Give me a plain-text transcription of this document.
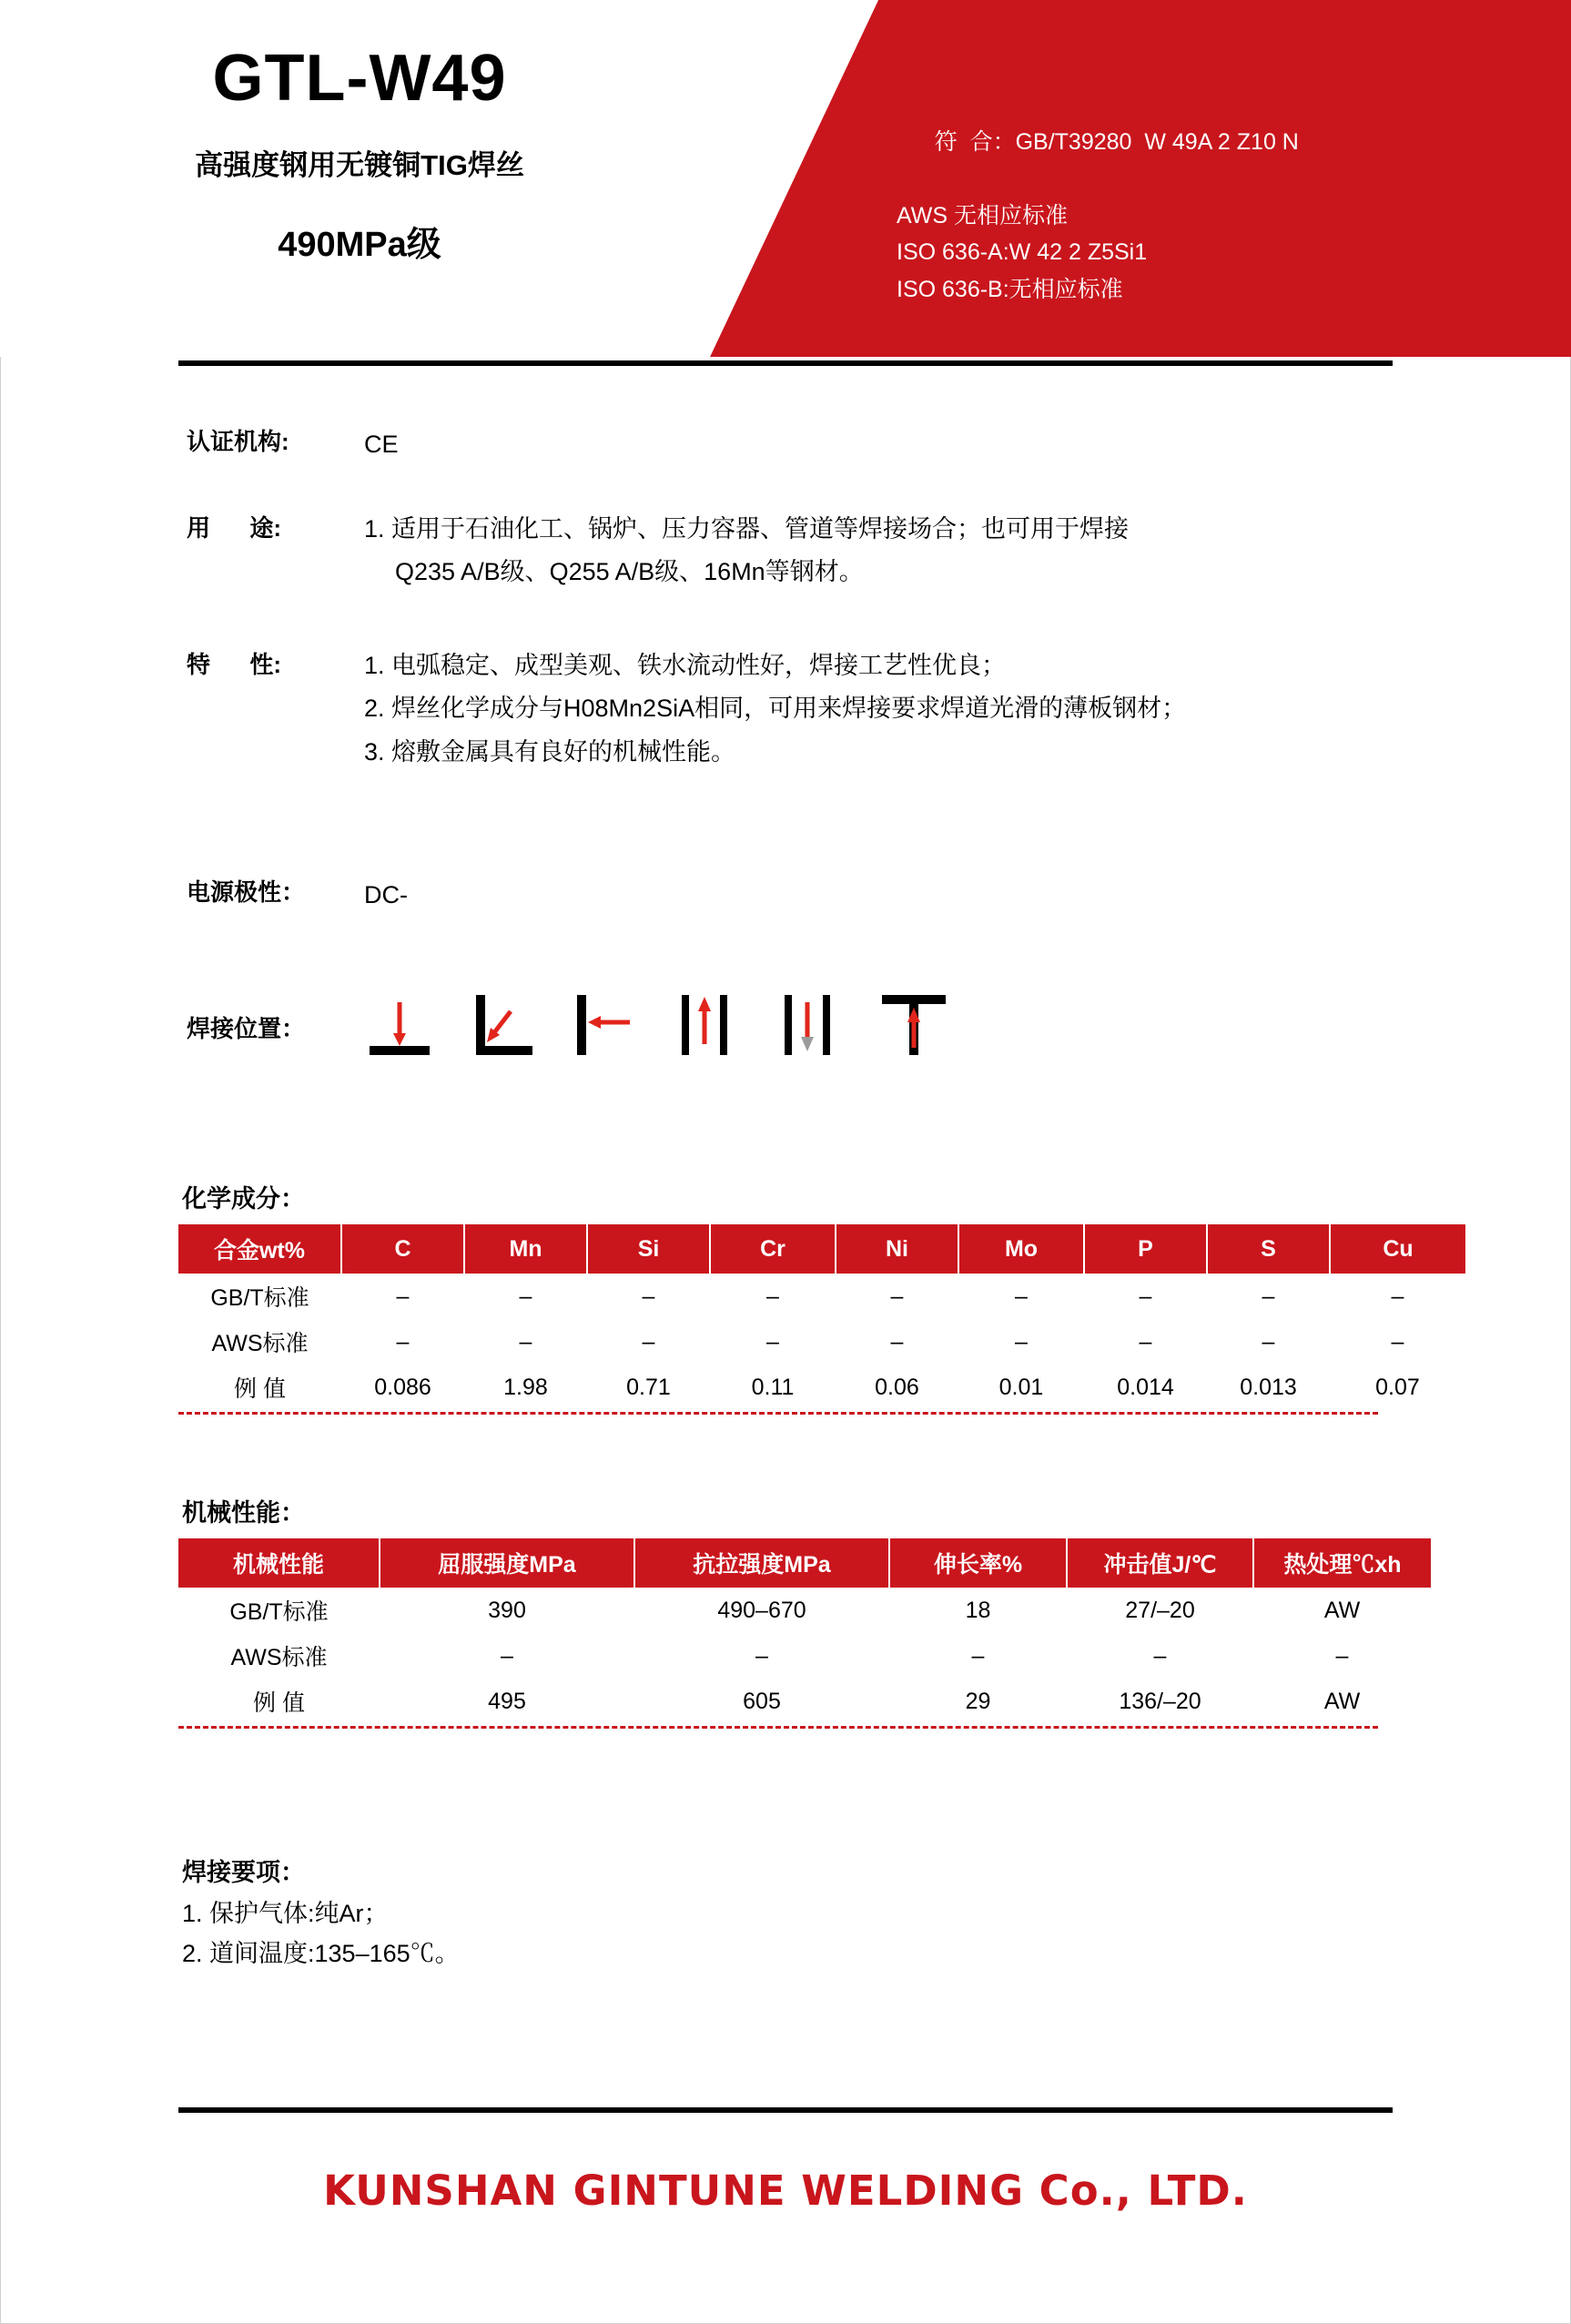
GTL-W49
高强度钢用无镀铜TIG焊丝
490MPa级

符  合：GB/T39280  W 49A 2 Z10 N

AWS 无相应标准
ISO 636-A:W 42 2 Z5Si1
ISO 636-B:无相应标准
认证机构:	CE
用      途:	1. 适用于石油化工、锅炉、压力容器、管道等焊接场合；也可用于焊接
Q235 A/B级、Q255 A/B级、16Mn等钢材。
特      性:	1. 电弧稳定、成型美观、铁水流动性好，焊接工艺性优良；
2. 焊丝化学成分与H08Mn2SiA相同，可用来焊接要求焊道光滑的薄板钢材；
3. 熔敷金属具有良好的机械性能。
电源极性： DC-
焊接位置：
化学成分：
合金wt%	C	Mn	Si	Cr	Ni	Mo	P	S	Cu
GB/T标准	–	–	–	–	–	–	–	–	–
AWS标准	–	–	–	–	–	–	–	–	–
例 值	0.086	1.98	0.71	0.11	0.06	0.01	0.014	0.013	0.07
机械性能：
机械性能	屈服强度MPa	抗拉强度MPa	伸长率%	冲击值J/℃	热处理℃xh
GB/T标准	390	490–670	18	27/–20	AW
AWS标准	–	–	–	–	–
例 值	495	605	29	136/–20	AW
焊接要项：
1. 保护气体:纯Ar；
2. 道间温度:135–165℃。
KUNSHAN GINTUNE WELDING Co., LTD.
